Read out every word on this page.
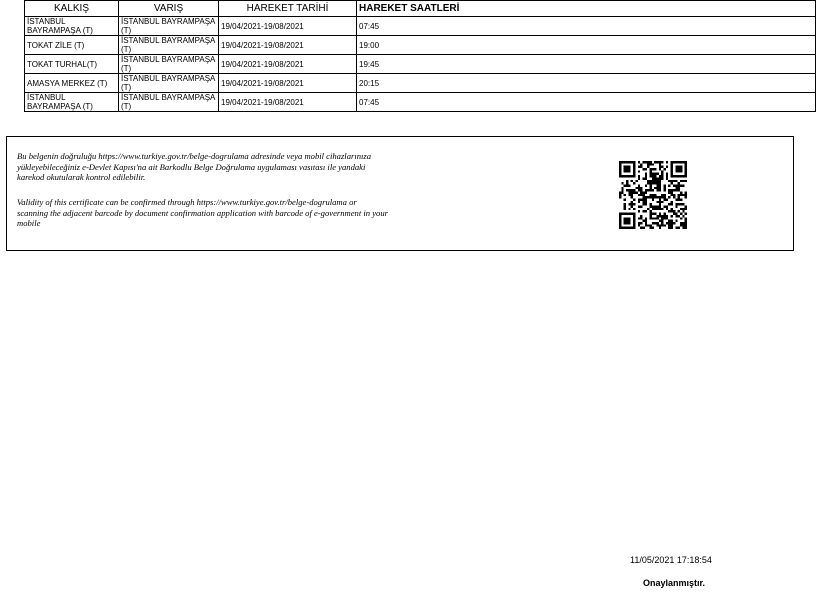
KALKIŞ	VARIŞ	HAREKET TARİHİ	HAREKET SAATLERİ
İSTANBUL BAYRAMPAŞA (T)	İSTANBUL BAYRAMPAŞA (T)	19/04/2021-19/08/2021	07:45
TOKAT ZİLE (T)	İSTANBUL BAYRAMPAŞA (T)	19/04/2021-19/08/2021	19:00
TOKAT TURHAL(T)	İSTANBUL BAYRAMPAŞA (T)	19/04/2021-19/08/2021	19:45
AMASYA MERKEZ (T)	İSTANBUL BAYRAMPAŞA (T)	19/04/2021-19/08/2021	20:15
İSTANBUL BAYRAMPAŞA (T)	İSTANBUL BAYRAMPAŞA (T)	19/04/2021-19/08/2021	07:45

Bu belgenin doğruluğu https://www.turkiye.gov.tr/belge-dogrulama adresinde veya mobil cihazlarınıza yükleyebileceğiniz e-Devlet Kapısı'na ait Barkodlu Belge Doğrulama uygulaması vasıtası ile yandaki karekod okutularak kontrol edilebilir.

Validity of this certificate can be confirmed through https://www.turkiye.gov.tr/belge-dogrulama or scanning the adjacent barcode by document confirmation application with barcode of e-government in your mobile

11/05/2021 17:18:54
Onaylanmıştır.
